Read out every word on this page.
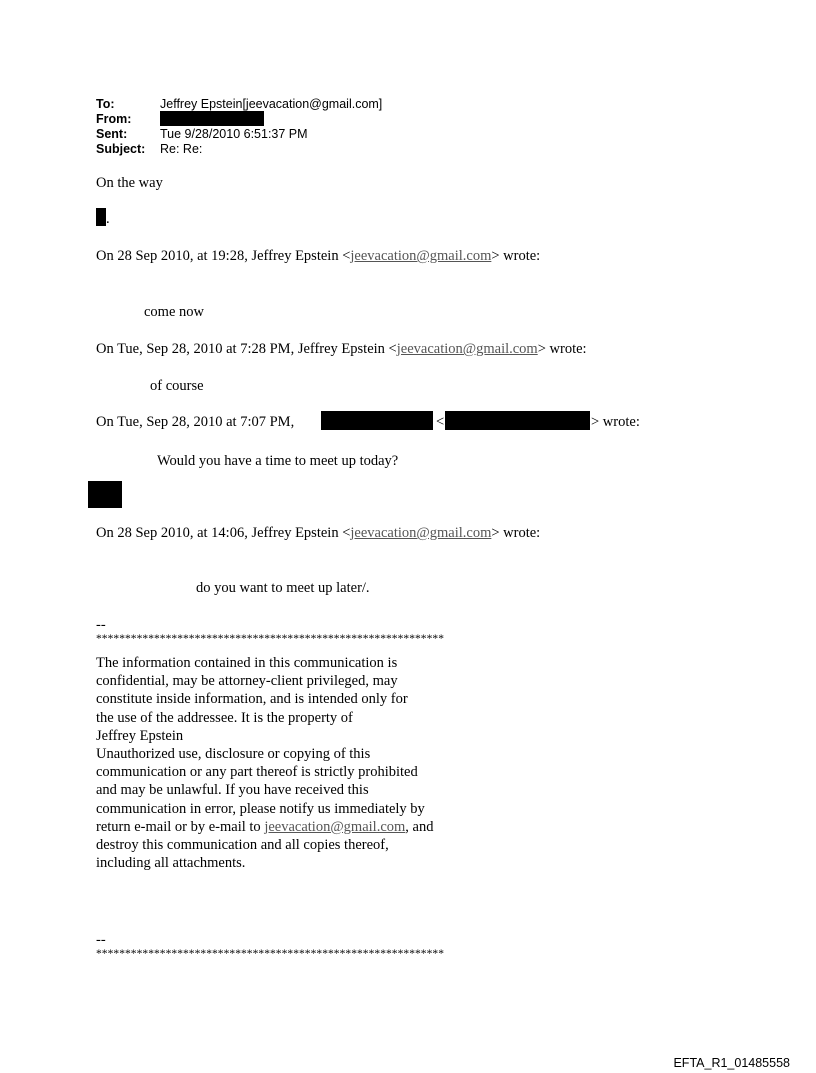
To:	Jeffrey Epstein[jeevacation@gmail.com]
From:
Sent:	Tue 9/28/2010 6:51:37 PM
Subject: Re: Re:
On the way
.
On 28 Sep 2010, at 19:28, Jeffrey Epstein <jeevacation@gmail.com> wrote:
come now
On Tue, Sep 28, 2010 at 7:28 PM, Jeffrey Epstein <jeevacation@gmail.com> wrote:
of course
On Tue, Sep 28, 2010 at 7:07 PM,	<	> wrote:
Would you have a time to meet up today?
On 28 Sep 2010, at 14:06, Jeffrey Epstein <jeevacation@gmail.com> wrote:
do you want to meet up later/.
--
************************************************************
The information contained in this communication is
confidential, may be attorney-client privileged, may
constitute inside information, and is intended only for
the use of the addressee. It is the property of
Jeffrey Epstein
Unauthorized use, disclosure or copying of this
communication or any part thereof is strictly prohibited
and may be unlawful. If you have received this
communication in error, please notify us immediately by
return e-mail or by e-mail to jeevacation@gmail.com, and
destroy this communication and all copies thereof,
including all attachments.
--
************************************************************
EFTA_R1_01485558
